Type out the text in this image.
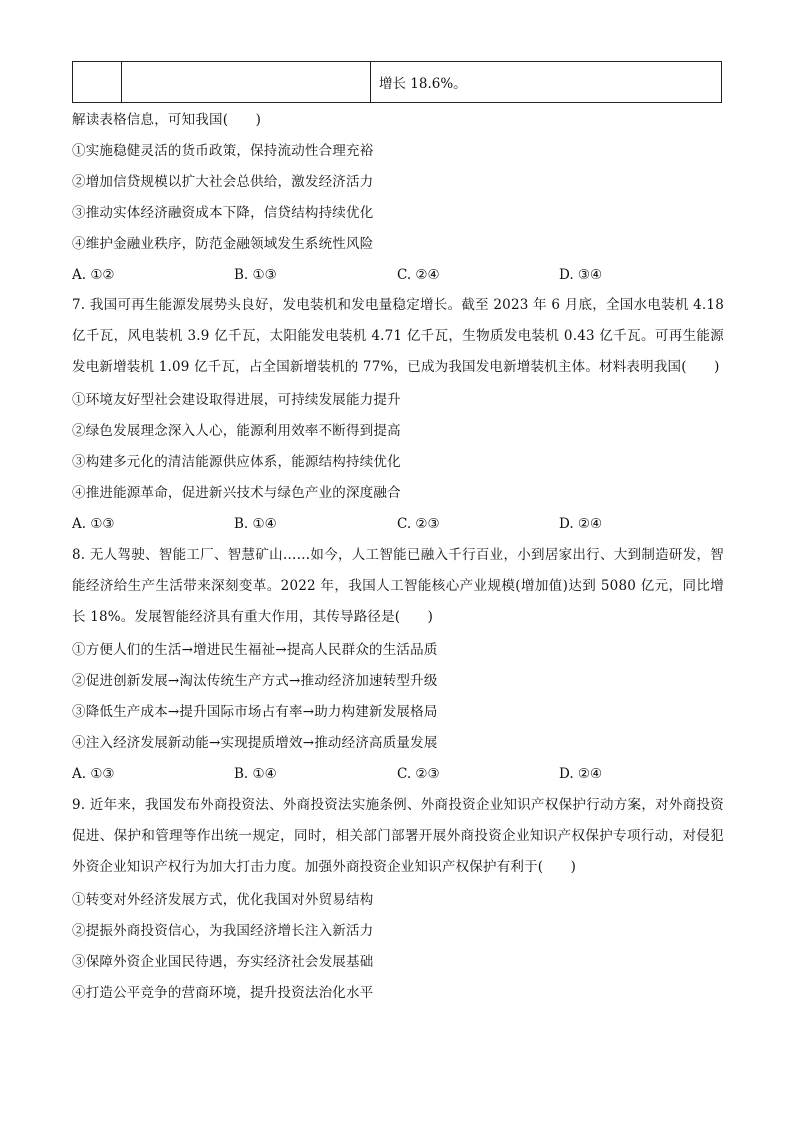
增长 18.6%。
解读表格信息，可知我国(　　)
①实施稳健灵活的货币政策，保持流动性合理充裕
②增加信贷规模以扩大社会总供给，激发经济活力
③推动实体经济融资成本下降，信贷结构持续优化
④维护金融业秩序，防范金融领域发生系统性风险
A. ①②	B. ①③	C. ②④	D. ③④
7. 我国可再生能源发展势头良好，发电装机和发电量稳定增长。截至 2023 年 6 月底，全国水电装机 4.18 亿千瓦，风电装机 3.9 亿千瓦，太阳能发电装机 4.71 亿千瓦，生物质发电装机 0.43 亿千瓦。可再生能源发电新增装机 1.09 亿千瓦，占全国新增装机的 77%，已成为我国发电新增装机主体。材料表明我国(　　)
①环境友好型社会建设取得进展，可持续发展能力提升
②绿色发展理念深入人心，能源利用效率不断得到提高
③构建多元化的清洁能源供应体系，能源结构持续优化
④推进能源革命，促进新兴技术与绿色产业的深度融合
A. ①③	B. ①④	C. ②③	D. ②④
8. 无人驾驶、智能工厂、智慧矿山……如今，人工智能已融入千行百业，小到居家出行、大到制造研发，智能经济给生产生活带来深刻变革。2022 年，我国人工智能核心产业规模(增加值)达到 5080 亿元，同比增长 18%。发展智能经济具有重大作用，其传导路径是(　　)
①方便人们的生活→增进民生福祉→提高人民群众的生活品质
②促进创新发展→淘汰传统生产方式→推动经济加速转型升级
③降低生产成本→提升国际市场占有率→助力构建新发展格局
④注入经济发展新动能→实现提质增效→推动经济高质量发展
A. ①③	B. ①④	C. ②③	D. ②④
9. 近年来，我国发布外商投资法、外商投资法实施条例、外商投资企业知识产权保护行动方案，对外商投资促进、保护和管理等作出统一规定，同时，相关部门部署开展外商投资企业知识产权保护专项行动，对侵犯外资企业知识产权行为加大打击力度。加强外商投资企业知识产权保护有利于(　　)
①转变对外经济发展方式，优化我国对外贸易结构
②提振外商投资信心，为我国经济增长注入新活力
③保障外资企业国民待遇，夯实经济社会发展基础
④打造公平竞争的营商环境，提升投资法治化水平
